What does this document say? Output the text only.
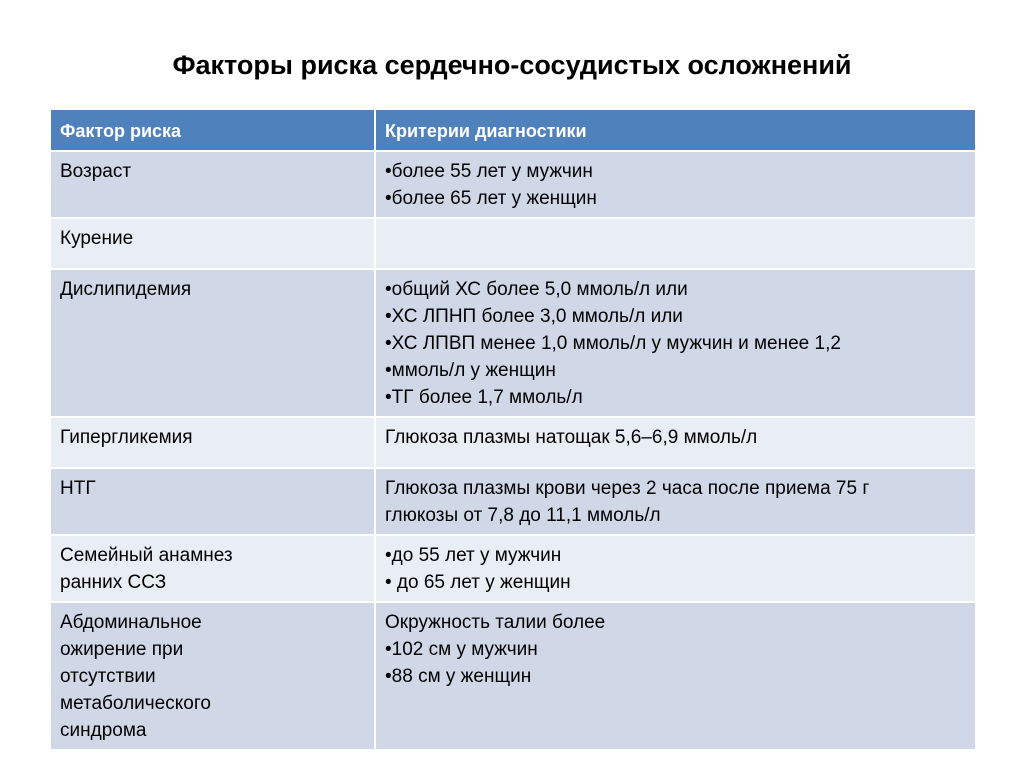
Факторы риска сердечно-сосудистых осложнений
Фактор риска	Критерии диагностики

Возраст	•более 55 лет у мужчин
•более 65 лет у женщин

Курение	

Дислипидемия	•общий ХС более 5,0 ммоль/л или
•ХС ЛПНП более 3,0 ммоль/л или
•ХС ЛПВП менее 1,0 ммоль/л у мужчин и менее 1,2
•ммоль/л у женщин
•ТГ более 1,7 ммоль/л

Гипергликемия	Глюкоза плазмы натощак 5,6–6,9 ммоль/л

НТГ	Глюкоза плазмы крови через 2 часа после приема 75 г
глюкозы от 7,8 до 11,1 ммоль/л

Семейный анамнез
ранних ССЗ	•до 55 лет у мужчин
• до 65 лет у женщин

Абдоминальное
ожирение при
отсутствии
метаболического
синдрома	Окружность талии более
•102 см у мужчин
•88 см у женщин
